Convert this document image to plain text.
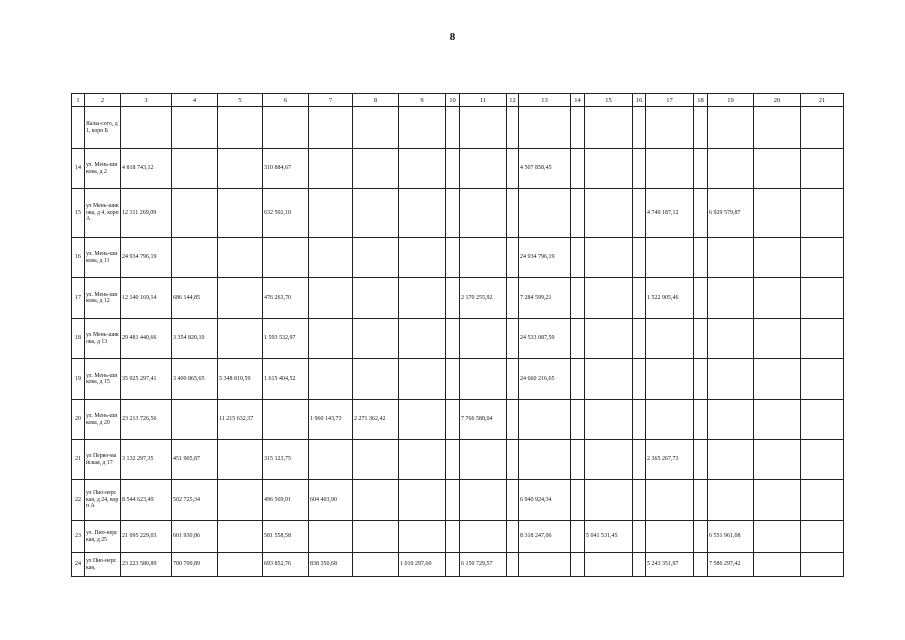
8
1	2	3	4	5	6	7	8	9	10	11	12	13	14	15	16	17	18	19	20	21
	Яалы-сого, д 1, корп Б																			
14	ул. Мень-шикова, д 2	4 818 743,12			310 884,67							4 507 858,45								
15	ул Мень-шикова, д 4, корп А	12 311 269,09			632 502,10											4 749 187,12		6 929 579,87		
16	ул. Мень-шикова, д 11	24 934 796,19										24 934 796,19								
17	ул. Мень-шикова, д 12	12 140 169,14	686 144,85		476 263,70					2 170 255,92		7 284 599,21				1 522 905,46				
18	ул Мень-шикова, д 13	29 481 440,66	3 354 820,10		1 593 532,97							24 533 087,59								
19	ул. Мень-шикова, д 15	35 025 297,41	3 400 865,65	5 348 810,59	1 615 404,52							24 660 216,65								
20	ул. Мень-шикова, д 20	23 213 726,56		11 215 632,37		1 960 143,73	2 271 362,42			7 766 588,04										
21	ул Перво-майская, д 17	3 132 297,35	451 905,87		315 123,75											2 365 267,73				
22	ул Пио-нерская, д 24, корп А	8 544 623,49	502 725,34		496 569,91	604 403,90						6 940 924,34								
23	ул. Пио-нерская, д 25	21 095 229,03	601 930,86		581 558,58							8 318 247,06		5 041 531,45				6 551 961,08		
24	ул Пио-нерская,	23 223 580,89	700 700,89		693 852,76	838 350,68		1 010 297,60		6 150 729,57						5 243 351,97		7 586 297,42		
